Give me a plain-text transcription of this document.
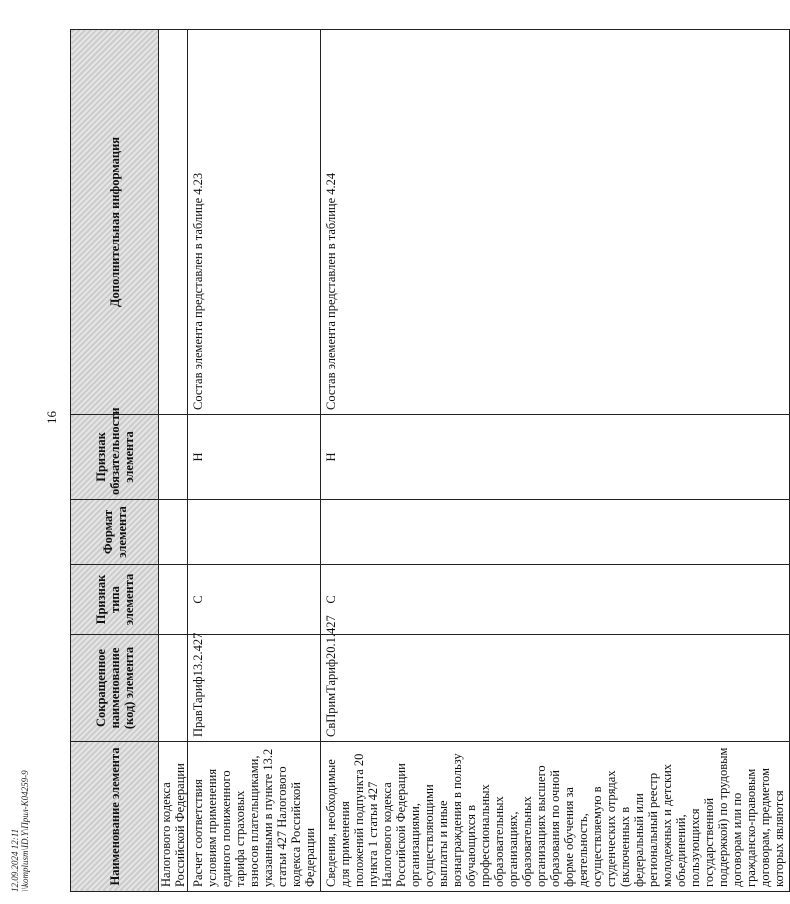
16
Наименование элемента	Сокращенное наименование (код) элемента	Признак типа элемента	Формат элемента	Признак обязательности элемента	Дополнительная информация
Налогового кодекса Российской Федерации					
Расчет соответствия условиям применения единого пониженного тарифа страховых взносов плательщиками, указанными в пункте 13.2 статьи 427 Налогового кодекса Российской Федерации	ПравТариф13.2.427	С		Н	Состав элемента представлен в таблице 4.23
Сведения, необходимые для применения положений подпункта 20 пункта 1 статьи 427 Налогового кодекса Российской Федерации организациями, осуществляющими выплаты и иные вознаграждения в пользу обучающихся в профессиональных образовательных организациях, образовательных организациях высшего образования по очной форме обучения за деятельность, осуществляемую в студенческих отрядах (включенных в федеральный или региональный реестр молодежных и детских объединений, пользующихся государственной поддержкой) по трудовым договорам или по гражданско-правовым договорам, предметом которых являются	СвПримТариф20.1.427	С		Н	Состав элемента представлен в таблице 4.24
12.09.2024 12:11 \\komplusm\ID.Y\Прил-К04259-9
